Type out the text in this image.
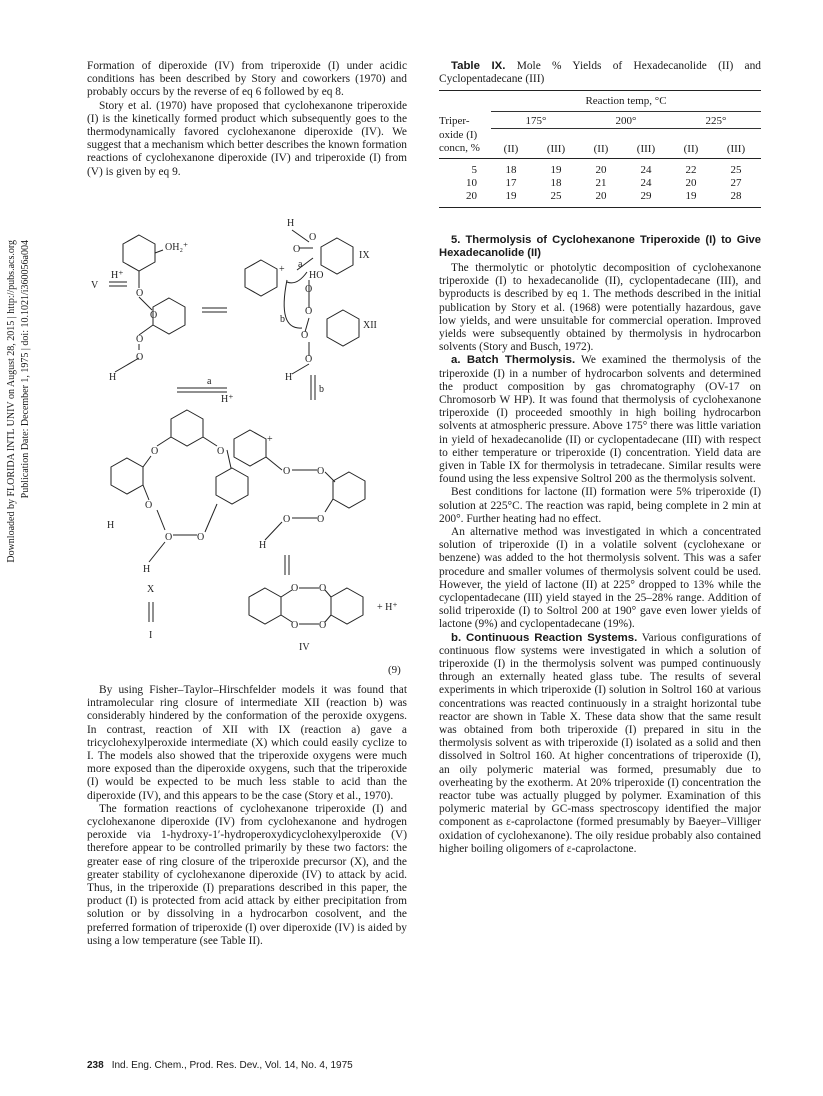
Downloaded by FLORIDA INTL UNIV on August 28, 2015 | http://pubs.acs.org Publication Date: December 1, 1975 | doi: 10.1021/i360056a004

Formation of diperoxide (IV) from triperoxide (I) under acidic conditions has been described by Story and coworkers (1970) and probably occurs by the reverse of eq 6 followed by eq 8.

Story et al. (1970) have proposed that cyclohexanone triperoxide (I) is the kinetically formed product which subsequently goes to the thermodynamically favored cyclohexanone diperoxide (IV). We suggest that a mechanism which better describes the known formation reactions of cyclohexanone diperoxide (IV) and triperoxide (I) from (V) is given by eq 9.

OH₂⁺
O
O
O
O
H
V
H⁺
H
O
O
IX
HO
+ a
O
O
O
XII
b
O
H
a
H⁺
b
O	O
O
H
O O
H
X
I
+
O	O
O
O
H
O O
O O
+ H⁺
IV
(9)

By using Fisher–Taylor–Hirschfelder models it was found that intramolecular ring closure of intermediate XII (reaction b) was considerably hindered by the conformation of the peroxide oxygens. In contrast, reaction of XII with IX (reaction a) gave a tricyclohexylperoxide intermediate (X) which could easily cyclize to I. The models also showed that the triperoxide oxygens were much more exposed than the diperoxide oxygens, such that the triperoxide (I) would be expected to be much less stable to acid than the diperoxide (IV), and this appears to be the case (Story et al., 1970).

The formation reactions of cyclohexanone triperoxide (I) and cyclohexanone diperoxide (IV) from cyclohexanone and hydrogen peroxide via 1-hydroxy-1′-hydroperoxydicyclohexylperoxide (V) therefore appear to be controlled primarily by these two factors: the greater ease of ring closure of the triperoxide precursor (X), and the greater stability of cyclohexanone diperoxide (IV) to attack by acid. Thus, in the triperoxide (I) preparations described in this paper, the product (I) is protected from acid attack by either precipitation from solution or by dissolving in a hydrocarbon cosolvent, and the preferred formation of triperoxide (I) over diperoxide (IV) is aided by using a low temperature (see Table II).

Table IX. Mole % Yields of Hexadecanolide (II) and Cyclopentadecane (III)

	Reaction temp, °C					
Triper-	175°		200°		225°	
oxide (I)						
concn, %	(II)	(III)	(II)	(III)	(II)	(III)
5	18	19	20	24	22	25
10	17	18	21	24	20	27
20	19	25	20	29	19	28

5. Thermolysis of Cyclohexanone Triperoxide (I) to Give Hexadecanolide (II)

The thermolytic or photolytic decomposition of cyclohexanone triperoxide (I) to hexadecanolide (II), cyclopentadecane (III), and byproducts is described by eq 1. The methods described in the initial publication by Story et al. (1968) were potentially hazardous, gave low yields, and were unsuitable for commercial operation. Improved yields were subsequently obtained by thermolysis in hydrocarbon solvents (Story and Busch, 1972).

a. Batch Thermolysis. We examined the thermolysis of the triperoxide (I) in a number of hydrocarbon solvents and determined the product composition by gas chromatography (OV-17 on Chromosorb W HP). It was found that thermolysis of cyclohexanone triperoxide (I) proceeded smoothly in high boiling hydrocarbon solvents at atmospheric pressure. Above 175° there was little variation in yield of hexadecanolide (II) or cyclopentadecane (III) with respect to either temperature or triperoxide (I) concentration. Yield data are given in Table IX for thermolysis in tetradecane. Similar results were found using the less expensive Soltrol 200 as the thermolysis solvent.

Best conditions for lactone (II) formation were 5% triperoxide (I) solution at 225°C. The reaction was rapid, being complete in 2 min at 200°. Further heating had no effect.

An alternative method was investigated in which a concentrated solution of triperoxide (I) in a volatile solvent (cyclohexane or benzene) was added to the hot thermolysis solvent. This was a safer procedure and smaller volumes of thermolysis solvent could be used. However, the yield of lactone (II) at 225° dropped to 13% while the cyclopentadecane (III) yield stayed in the 25–28% range. Addition of solid triperoxide (I) to Soltrol 200 at 190° gave even lower yields of lactone (9%) and cyclopentadecane (19%).

b. Continuous Reaction Systems. Various configurations of continuous flow systems were investigated in which a solution of triperoxide (I) in the thermolysis solvent was pumped continuously through an externally heated glass tube. The results of several experiments in which triperoxide (I) solution in Soltrol 160 at various concentrations was reacted continuously in a straight horizontal tube reactor are shown in Table X. These data show that the same result was obtained from both triperoxide (I) prepared in situ in the thermolysis solvent as with triperoxide (I) isolated as a solid and then dissolved in Soltrol 160. At higher concentrations of triperoxide (I), an oily polymeric material was formed, presumably due to overheating by the exotherm. At 20% triperoxide (I) concentration the reactor tube was actually plugged by polymer. Examination of this polymeric material by GC-mass spectroscopy identified the major component as ε-caprolactone (formed presumably by Baeyer–Villiger oxidation of cyclohexanone). The oily residue probably also contained higher boiling oligomers of ε-caprolactone.

238 Ind. Eng. Chem., Prod. Res. Dev., Vol. 14, No. 4, 1975
